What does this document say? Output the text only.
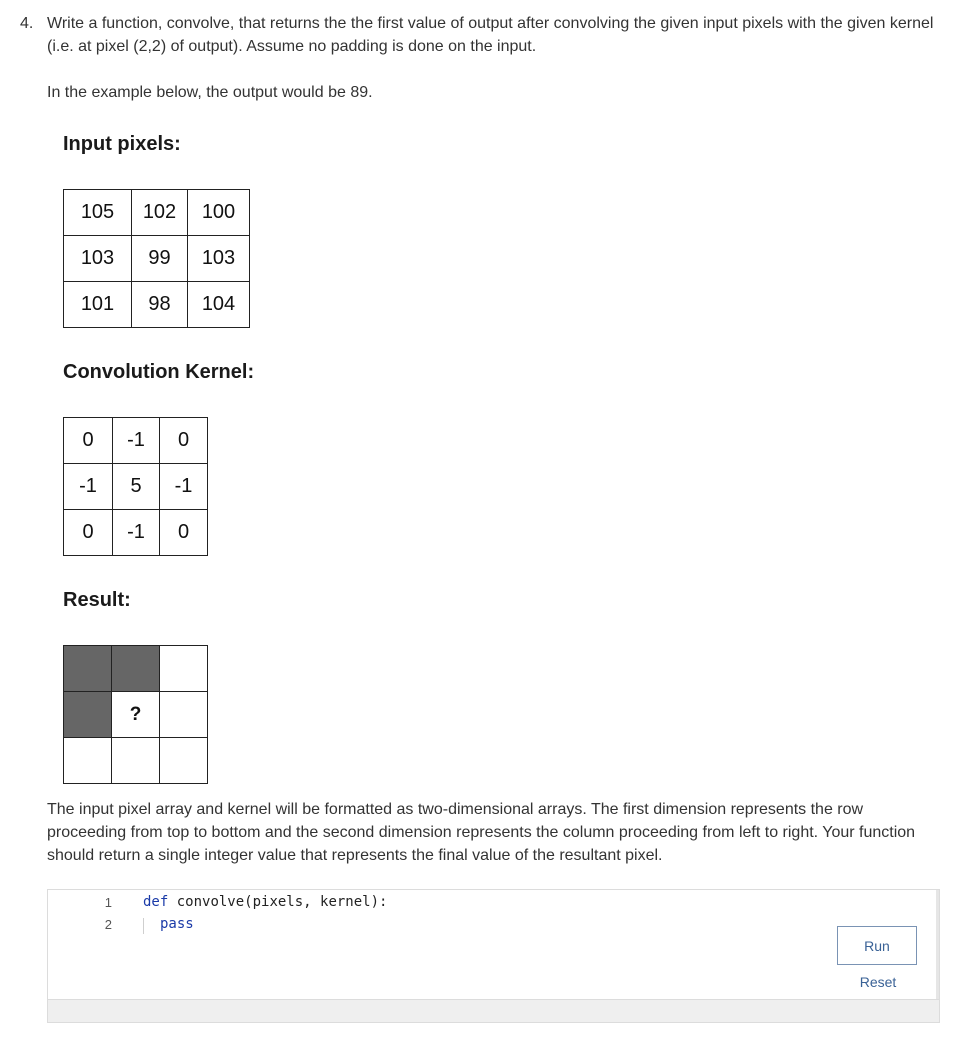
4. Write a function, convolve, that returns the the first value of output after convolving the given input pixels with the given kernel (i.e. at pixel (2,2) of output). Assume no padding is done on the input.
In the example below, the output would be 89.
Input pixels:
105	102	100
103	99	103
101	98	104
Convolution Kernel:
0	-1	0
-1	5	-1
0	-1	0
Result:

	?	

The input pixel array and kernel will be formatted as two-dimensional arrays. The first dimension represents the row proceeding from top to bottom and the second dimension represents the column proceeding from left to right. Your function should return a single integer value that represents the final value of the resultant pixel.
1
2
def convolve(pixels, kernel):
pass
Run
Reset
